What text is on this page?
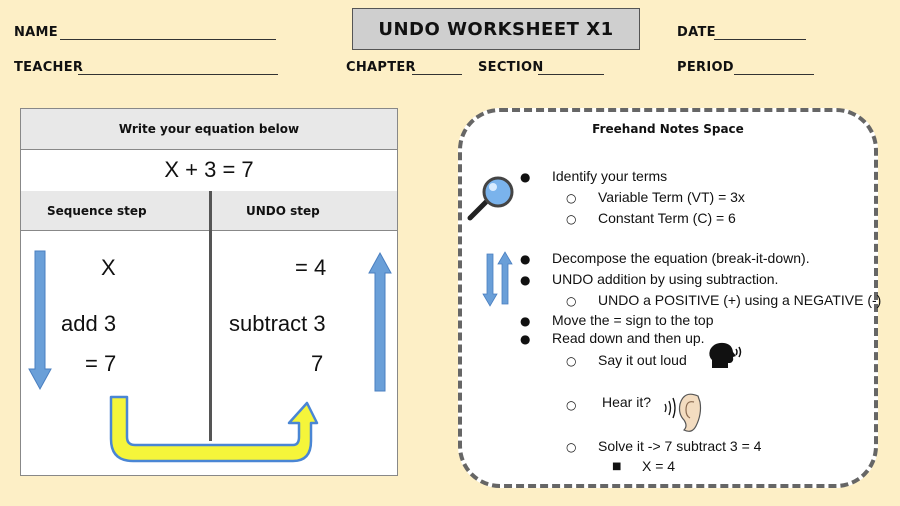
NAME
TEACHER
UNDO WORKSHEET X1
CHAPTER	SECTION
DATE
PERIOD
Write your equation below
X + 3 = 7
Sequence step	UNDO step
X
add 3
= 7
= 4
subtract 3
7
Freehand Notes Space
● Identify your terms
○ Variable Term (VT) = 3x
○ Constant Term (C) = 6
● Decompose the equation (break-it-down).
● UNDO addition by using subtraction.
○ UNDO a POSITIVE (+) using a NEGATIVE (-)
● Move the = sign to the top
● Read down and then up.
○ Say it out loud
○ Hear it?
○ Solve it -> 7 subtract 3 = 4
■ X = 4
